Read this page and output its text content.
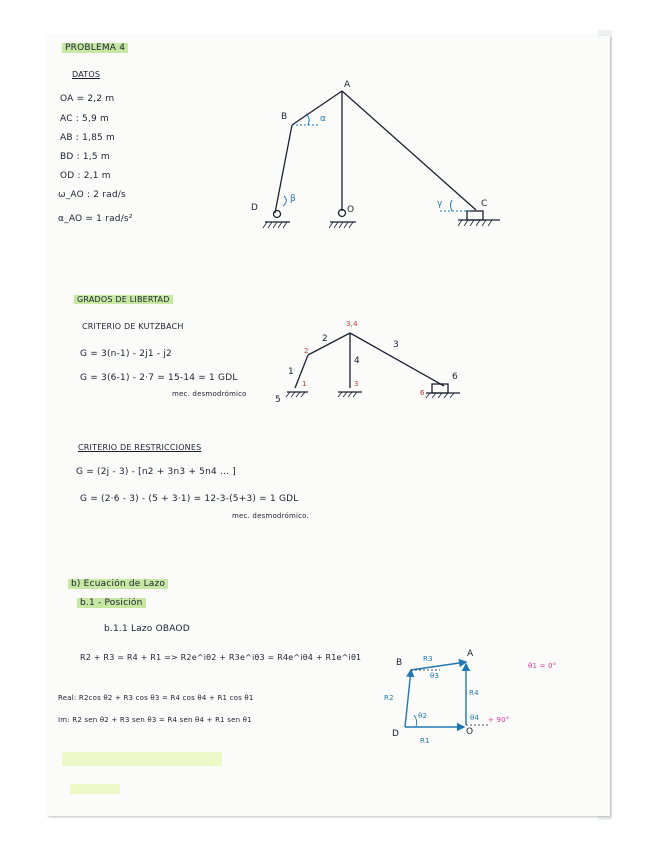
PROBLEMA 4
DATOS
OA = 2,2 m
AC : 5,9 m
AB : 1,85 m
BD : 1,5 m
OD : 2,1 m
ω_AO : 2 rad/s
α_AO = 1 rad/s²
A
B
D	O
C
α
β	γ
GRADOS DE LIBERTAD
CRITERIO DE KUTZBACH
G = 3(n-1) - 2j1 - j2
G = 3(6-1) - 2·7 = 15-14 = 1 GDL
mec. desmodrómico
3,4
2
3
4
1
5
6
2
3
1
6
CRITERIO DE RESTRICCIONES
G = (2j - 3) - [n2 + 3n3 + 5n4 ... ]
G = (2·6 - 3) - (5 + 3·1) = 12-3-(5+3) = 1 GDL
mec. desmodrómico.
b) Ecuación de Lazo
b.1 - Posición
b.1.1 Lazo OBAOD
R2 + R3 = R4 + R1 => R2e^iθ2 + R3e^iθ3 = R4e^iθ4 + R1e^iθ1
Real: R2cos θ2 + R3 cos θ3 = R4 cos θ4 + R1 cos θ1
Im: R2 sen θ2 + R3 sen θ3 = R4 sen θ4 + R1 sen θ1
B
A
D	O
R2
R3
R4
R1
θ2
θ3
θ4 + 90°
θ1 = 0°
